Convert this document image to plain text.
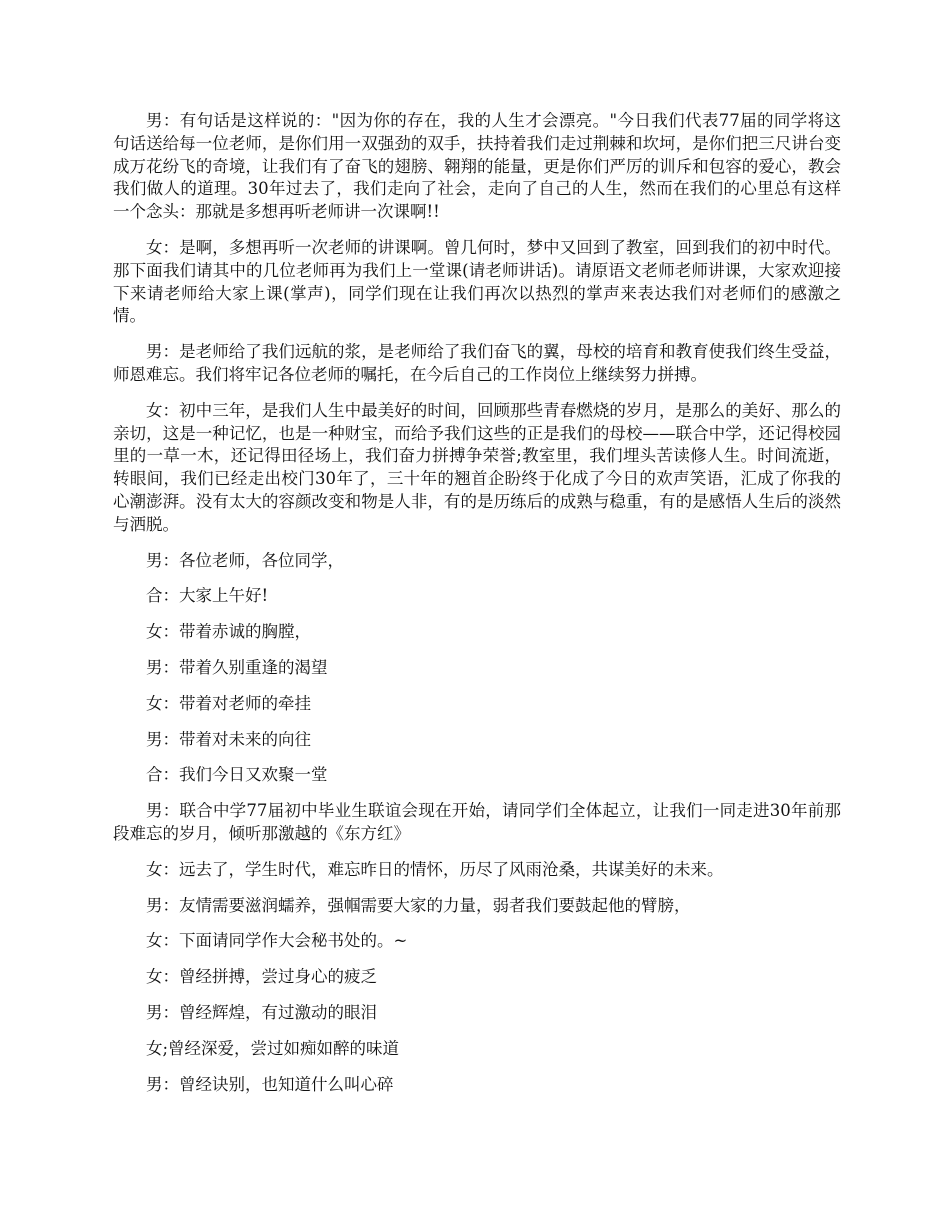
男：有句话是这样说的："因为你的存在，我的人生才会漂亮。"今日我们代表77届的同学将这句话送给每一位老师，是你们用一双强劲的双手，扶持着我们走过荆棘和坎坷，是你们把三尺讲台变成万花纷飞的奇境，让我们有了奋飞的翅膀、翱翔的能量，更是你们严厉的训斥和包容的爱心，教会我们做人的道理。30年过去了，我们走向了社会，走向了自己的人生，然而在我们的心里总有这样一个念头：那就是多想再听老师讲一次课啊!!

女：是啊，多想再听一次老师的讲课啊。曾几何时，梦中又回到了教室，回到我们的初中时代。那下面我们请其中的几位老师再为我们上一堂课(请老师讲话)。请原语文老师老师讲课，大家欢迎接下来请老师给大家上课(掌声)，同学们现在让我们再次以热烈的掌声来表达我们对老师们的感激之情。

男：是老师给了我们远航的浆，是老师给了我们奋飞的翼，母校的培育和教育使我们终生受益，师恩难忘。我们将牢记各位老师的嘱托，在今后自己的工作岗位上继续努力拼搏。

女：初中三年，是我们人生中最美好的时间，回顾那些青春燃烧的岁月，是那么的美好、那么的亲切，这是一种记忆，也是一种财宝，而给予我们这些的正是我们的母校——联合中学，还记得校园里的一草一木，还记得田径场上，我们奋力拼搏争荣誉;教室里，我们埋头苦读修人生。时间流逝，转眼间，我们已经走出校门30年了，三十年的翘首企盼终于化成了今日的欢声笑语，汇成了你我的心潮澎湃。没有太大的容颜改变和物是人非，有的是历练后的成熟与稳重，有的是感悟人生后的淡然与洒脱。

男：各位老师，各位同学，

合：大家上午好!

女：带着赤诚的胸膛，

男：带着久别重逢的渴望

女：带着对老师的牵挂

男：带着对未来的向往

合：我们今日又欢聚一堂

男：联合中学77届初中毕业生联谊会现在开始，请同学们全体起立，让我们一同走进30年前那段难忘的岁月，倾听那激越的《东方红》

女：远去了，学生时代，难忘昨日的情怀，历尽了风雨沧桑，共谋美好的未来。

男：友情需要滋润蠕养，强帼需要大家的力量，弱者我们要鼓起他的臂膀，

女：下面请同学作大会秘书处的。~

女：曾经拼搏，尝过身心的疲乏

男：曾经辉煌，有过激动的眼泪

女;曾经深爱，尝过如痴如醉的味道

男：曾经诀别，也知道什么叫心碎
